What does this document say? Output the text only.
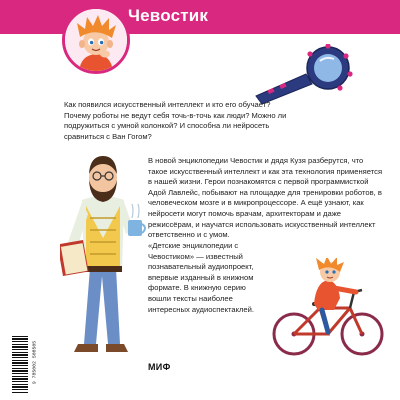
Чевостик

Как появился искусственный интеллект и кто его обучает? Почему роботы не ведут себя точь-в-точь как люди? Можно ли подружиться с умной колонкой? И способна ли нейросеть сравниться с Ван Гогом?

В новой энциклопедии Чевостик и дядя Кузя разберутся, что такое искусственный интеллект и как эта технология применяется в нашей жизни. Герои познакомятся с первой программисткой Адой Лавлейс, побывают на площадке для тренировки роботов, в человеческом мозге и в микропроцессоре. А ещё узнают, как нейросети могут помочь врачам, архитекторам и даже режиссёрам, и научатся использовать искусственный интеллект ответственно и с умом.

«Детские энциклопедии с Чевостиком» — известный познавательный аудиопроект, впервые изданный в книжном формате. В книжную серию вошли тексты наиболее интересных аудиоспектаклей.

МИФ
9 785002 508505
